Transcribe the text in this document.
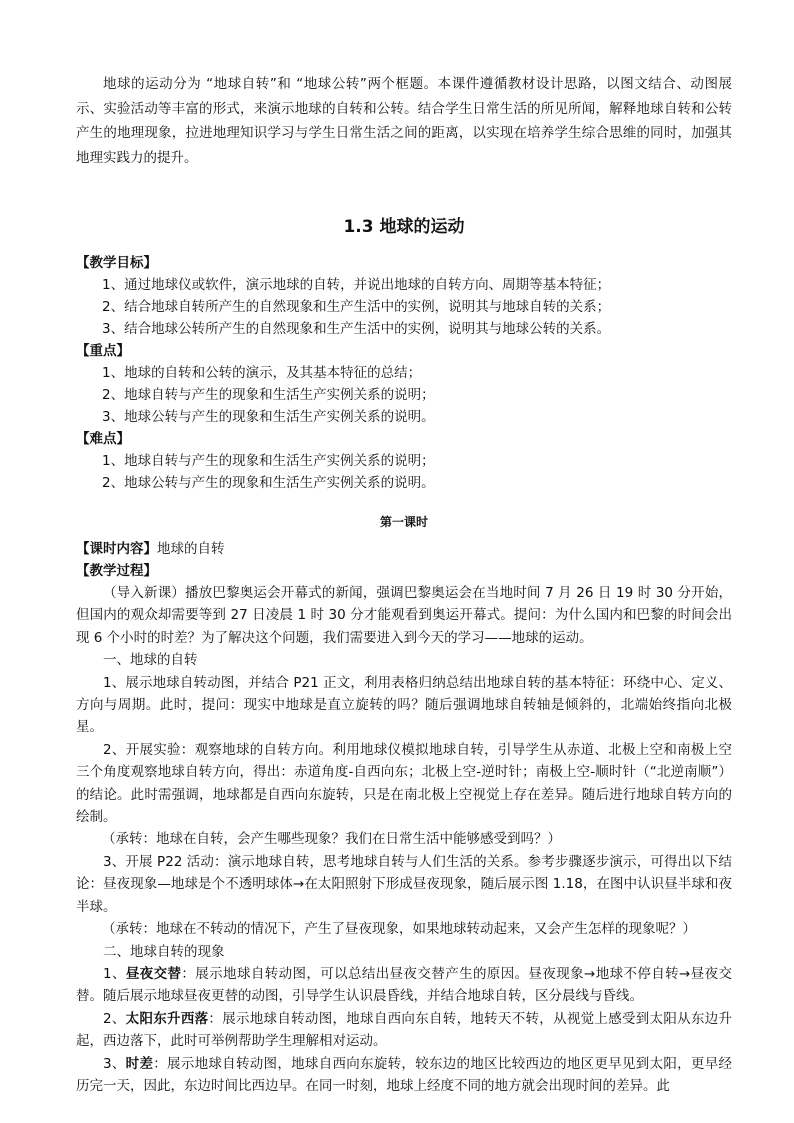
地球的运动分为 “地球自转”和 “地球公转”两个框题。本课件遵循教材设计思路，以图文结合、动图展示、实验活动等丰富的形式，来演示地球的自转和公转。结合学生日常生活的所见所闻，解释地球自转和公转产生的地理现象，拉进地理知识学习与学生日常生活之间的距离，以实现在培养学生综合思维的同时，加强其地理实践力的提升。

1.3 地球的运动
【教学目标】
1、通过地球仪或软件，演示地球的自转，并说出地球的自转方向、周期等基本特征；
2、结合地球自转所产生的自然现象和生产生活中的实例，说明其与地球自转的关系；
3、结合地球公转所产生的自然现象和生产生活中的实例，说明其与地球公转的关系。
【重点】
1、地球的自转和公转的演示，及其基本特征的总结；
2、地球自转与产生的现象和生活生产实例关系的说明；
3、地球公转与产生的现象和生活生产实例关系的说明。
【难点】
1、地球自转与产生的现象和生活生产实例关系的说明；
2、地球公转与产生的现象和生活生产实例关系的说明。
第一课时
【课时内容】地球的自转
【教学过程】

（导入新课）播放巴黎奥运会开幕式的新闻，强调巴黎奥运会在当地时间 7 月 26 日 19 时 30 分开始，但国内的观众却需要等到 27 日凌晨 1 时 30 分才能观看到奥运开幕式。提问：为什么国内和巴黎的时间会出现 6 个小时的时差？为了解决这个问题，我们需要进入到今天的学习——地球的运动。

一、地球的自转

1、展示地球自转动图，并结合 P21 正文，利用表格归纳总结出地球自转的基本特征：环绕中心、定义、方向与周期。此时，提问：现实中地球是直立旋转的吗？随后强调地球自转轴是倾斜的，北端始终指向北极星。

2、开展实验：观察地球的自转方向。利用地球仪模拟地球自转，引导学生从赤道、北极上空和南极上空三个角度观察地球自转方向，得出：赤道角度-自西向东；北极上空-逆时针；南极上空-顺时针（“北逆南顺”）的结论。此时需强调，地球都是自西向东旋转，只是在南北极上空视觉上存在差异。随后进行地球自转方向的绘制。

（承转：地球在自转，会产生哪些现象？我们在日常生活中能够感受到吗？）

3、开展 P22 活动：演示地球自转，思考地球自转与人们生活的关系。参考步骤逐步演示，可得出以下结论：昼夜现象—地球是个不透明球体→在太阳照射下形成昼夜现象，随后展示图 1.18，在图中认识昼半球和夜半球。

（承转：地球在不转动的情况下，产生了昼夜现象，如果地球转动起来，又会产生怎样的现象呢？）

二、地球自转的现象

1、昼夜交替：展示地球自转动图，可以总结出昼夜交替产生的原因。昼夜现象→地球不停自转→昼夜交替。随后展示地球昼夜更替的动图，引导学生认识晨昏线，并结合地球自转，区分晨线与昏线。

2、太阳东升西落：展示地球自转动图，地球自西向东自转，地转天不转，从视觉上感受到太阳从东边升起，西边落下，此时可举例帮助学生理解相对运动。

3、时差：展示地球自转动图，地球自西向东旋转，较东边的地区比较西边的地区更早见到太阳，更早经历完一天，因此，东边时间比西边早。在同一时刻，地球上经度不同的地方就会出现时间的差异。此
